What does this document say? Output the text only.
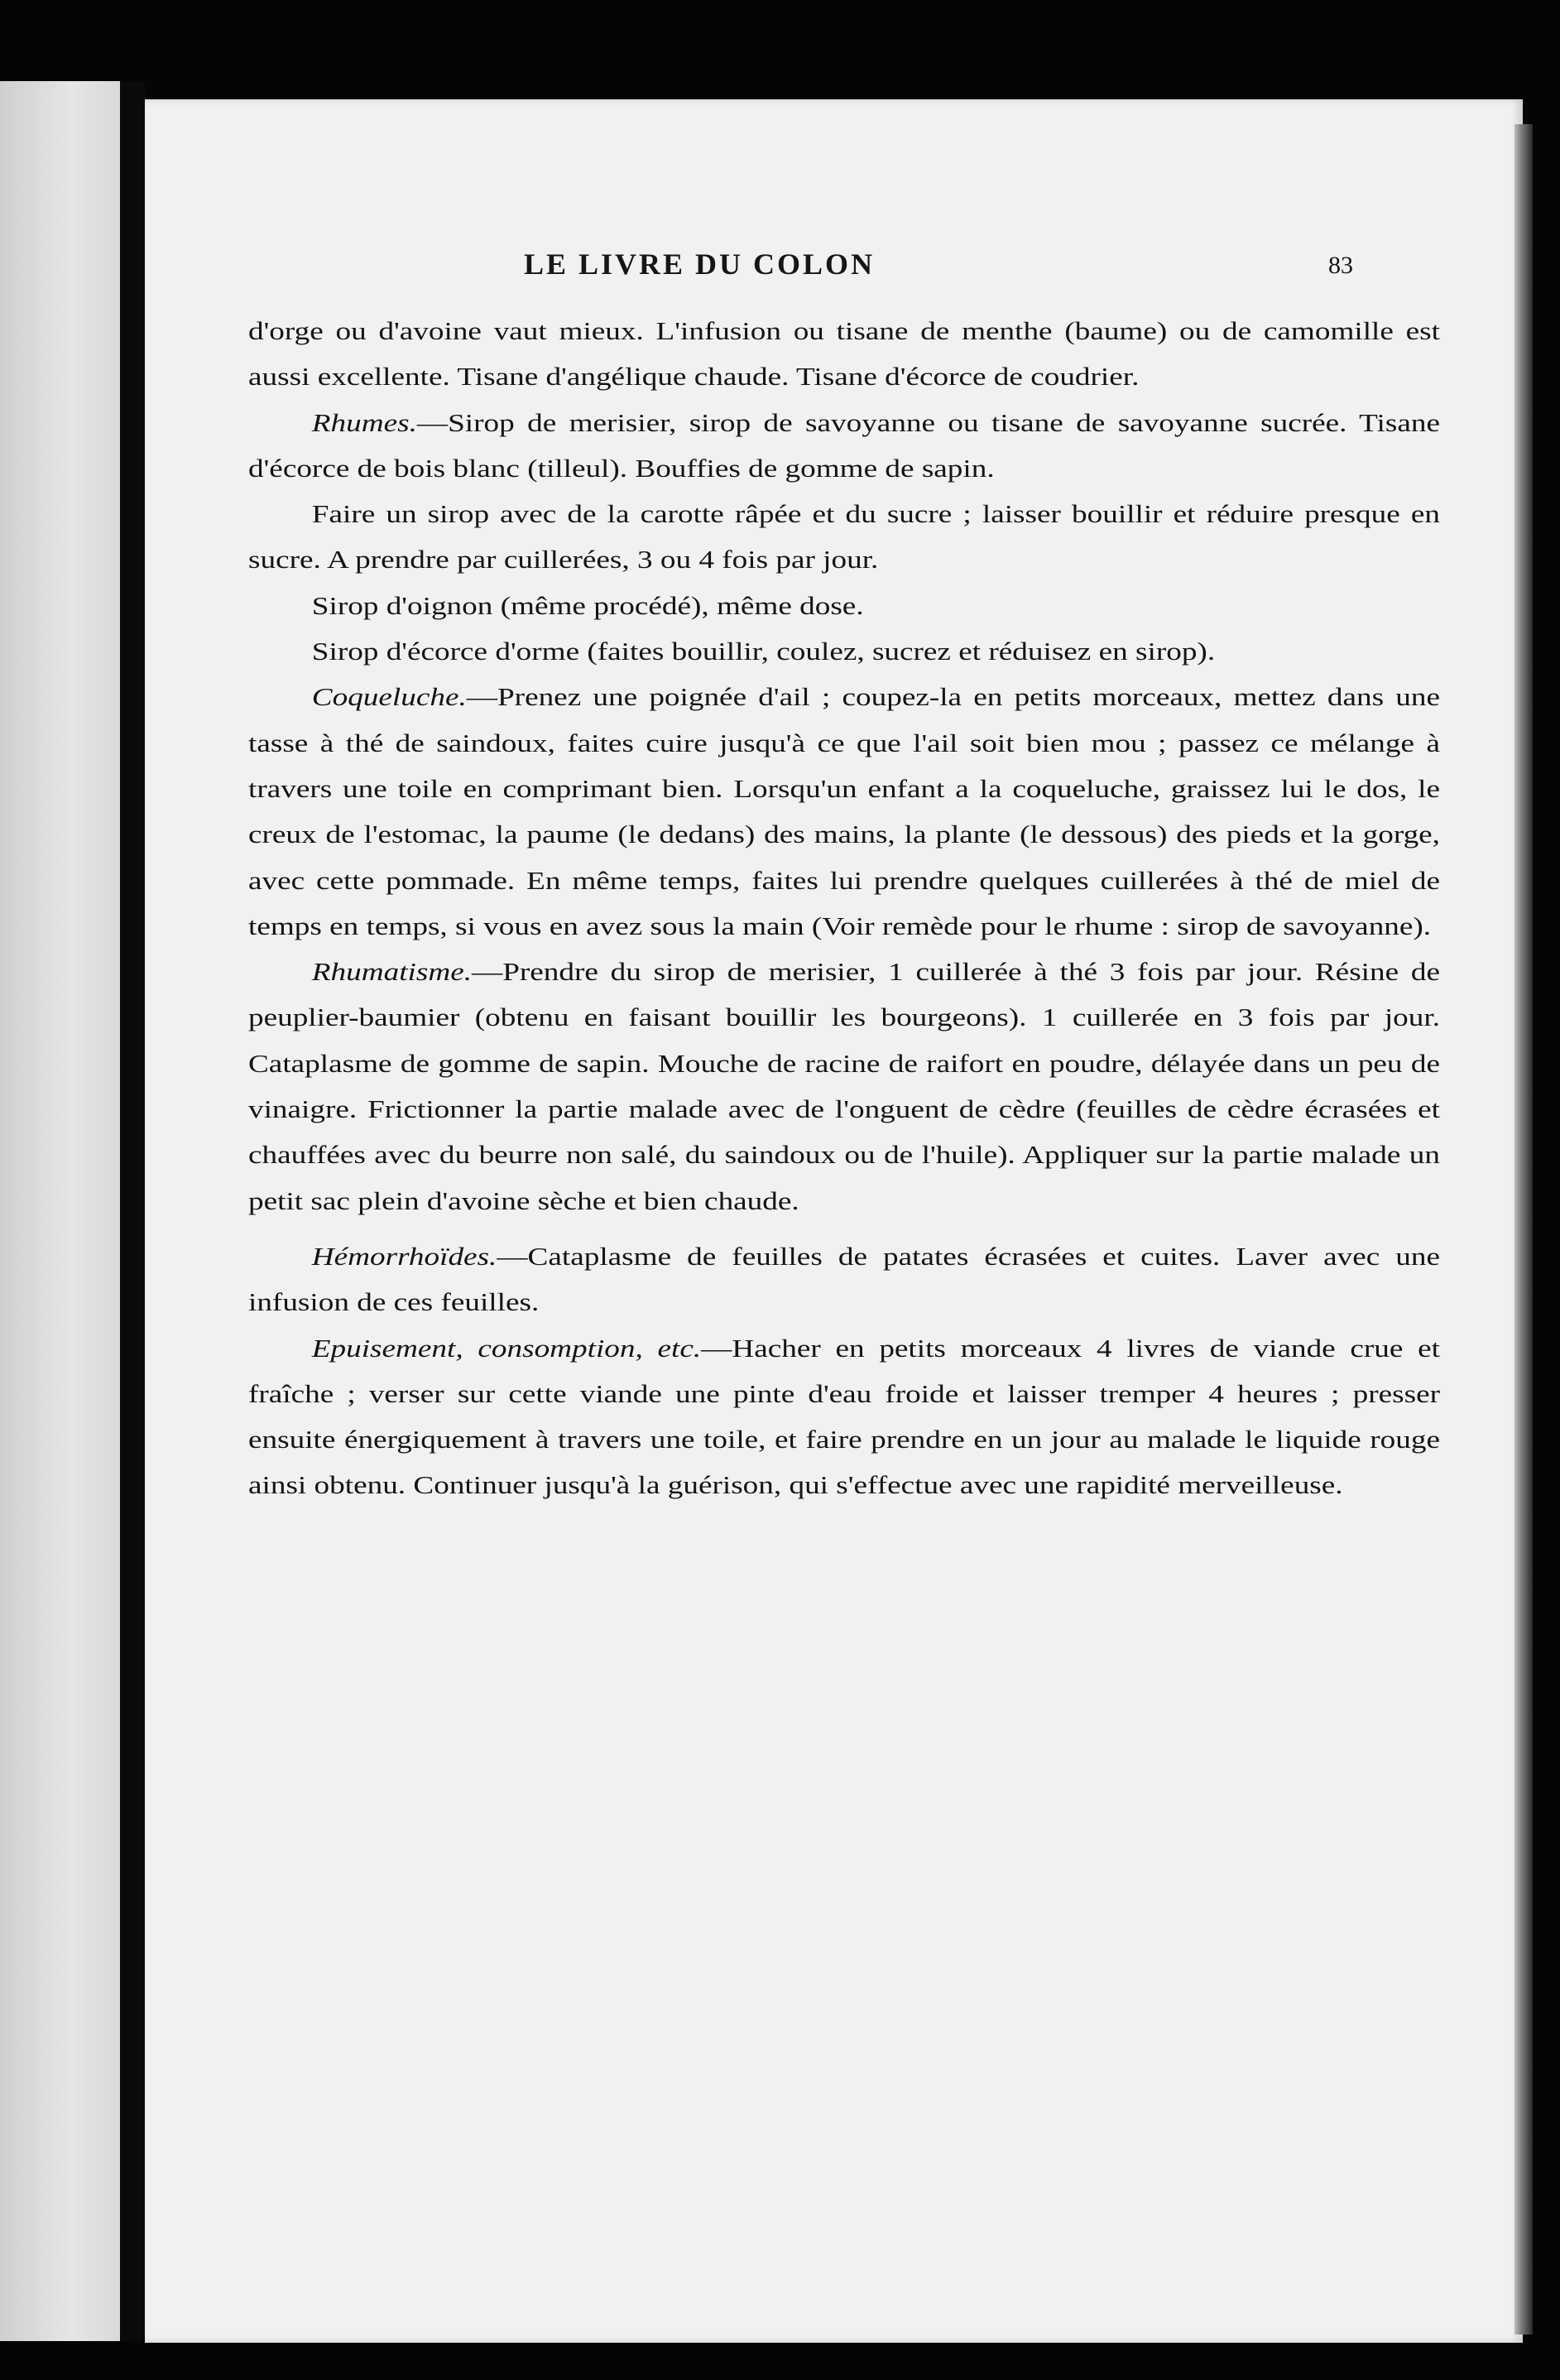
LE LIVRE DU COLON	83

d'orge ou d'avoine vaut mieux. L'infusion ou tisane de menthe (baume) ou de camomille est aussi excellente. Tisane d'angélique chaude. Tisane d'écorce de coudrier.

Rhumes.—Sirop de merisier, sirop de savoyanne ou tisane de savoyanne sucrée. Tisane d'écorce de bois blanc (tilleul). Bouffies de gomme de sapin.

Faire un sirop avec de la carotte râpée et du sucre ; laisser bouillir et réduire presque en sucre. A prendre par cuillerées, 3 ou 4 fois par jour.

Sirop d'oignon (même procédé), même dose.

Sirop d'écorce d'orme (faites bouillir, coulez, sucrez et réduisez en sirop).

Coqueluche.—Prenez une poignée d'ail ; coupez-la en petits morceaux, mettez dans une tasse à thé de saindoux, faites cuire jusqu'à ce que l'ail soit bien mou ; passez ce mélange à travers une toile en comprimant bien. Lorsqu'un enfant a la coqueluche, graissez lui le dos, le creux de l'estomac, la paume (le dedans) des mains, la plante (le dessous) des pieds et la gorge, avec cette pommade. En même temps, faites lui prendre quelques cuillerées à thé de miel de temps en temps, si vous en avez sous la main (Voir remède pour le rhume : sirop de savoyanne).

Rhumatisme.—Prendre du sirop de merisier, 1 cuillerée à thé 3 fois par jour. Résine de peuplier-baumier (obtenu en faisant bouillir les bourgeons). 1 cuillerée en 3 fois par jour. Cataplasme de gomme de sapin. Mouche de racine de raifort en poudre, délayée dans un peu de vinaigre. Frictionner la partie malade avec de l'onguent de cèdre (feuilles de cèdre écrasées et chauffées avec du beurre non salé, du saindoux ou de l'huile). Appliquer sur la partie malade un petit sac plein d'avoine sèche et bien chaude.

Hémorrhoïdes.—Cataplasme de feuilles de patates écrasées et cuites. Laver avec une infusion de ces feuilles.

Epuisement, consomption, etc.—Hacher en petits morceaux 4 livres de viande crue et fraîche ; verser sur cette viande une pinte d'eau froide et laisser tremper 4 heures ; presser ensuite énergiquement à travers une toile, et faire prendre en un jour au malade le liquide rouge ainsi obtenu. Continuer jusqu'à la guérison, qui s'effectue avec une rapidité merveilleuse.
